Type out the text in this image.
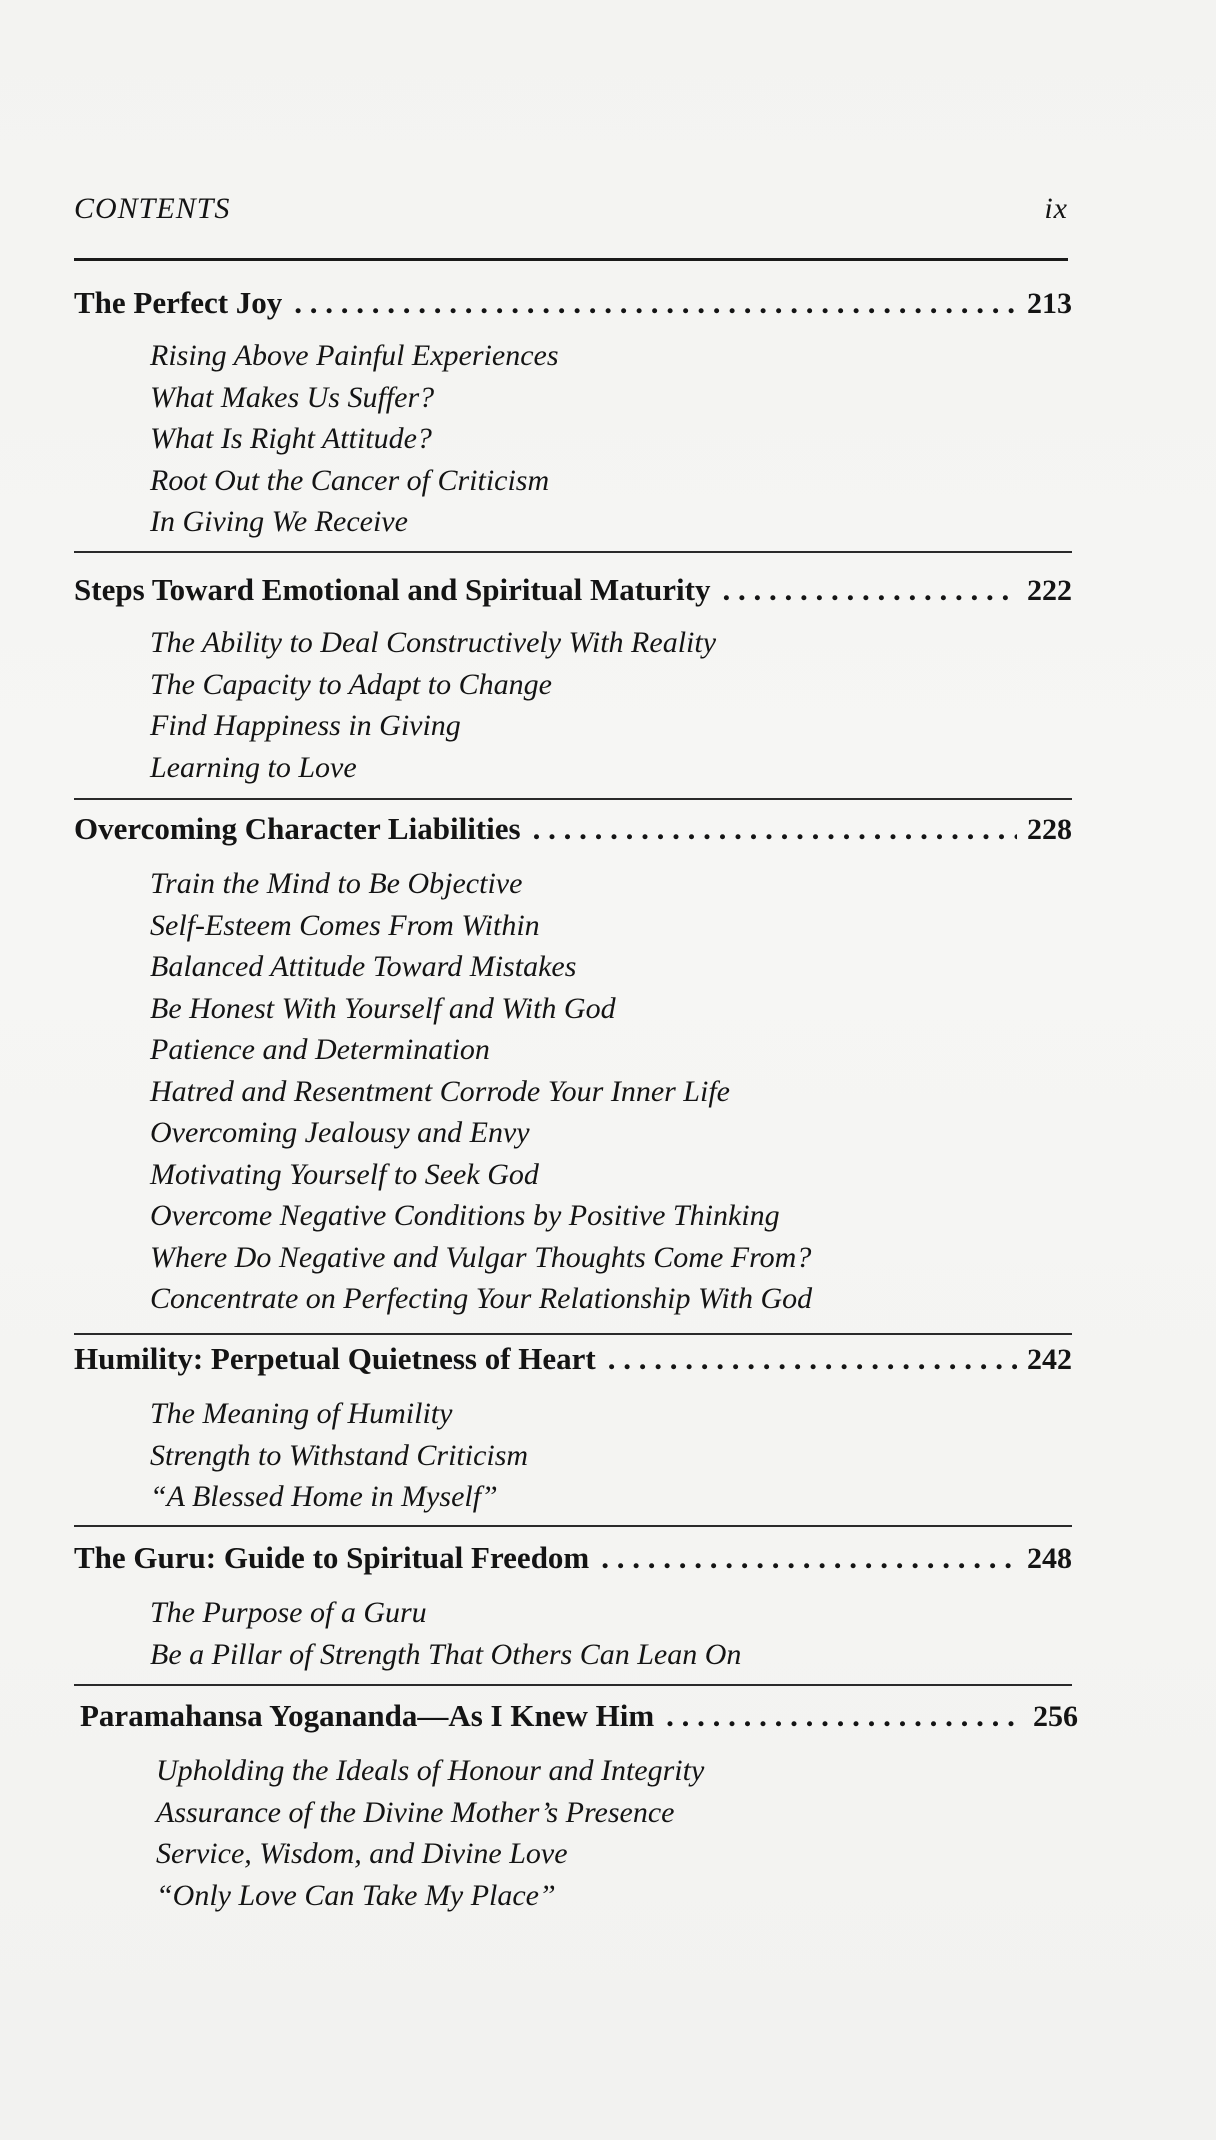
CONTENTS	ix
The Perfect Joy . . .	213
Rising Above Painful Experiences
What Makes Us Suffer?
What Is Right Attitude?
Root Out the Cancer of Criticism
In Giving We Receive
Steps Toward Emotional and Spiritual Maturity . . .	222
The Ability to Deal Constructively With Reality
The Capacity to Adapt to Change
Find Happiness in Giving
Learning to Love
Overcoming Character Liabilities . . .	228
Train the Mind to Be Objective
Self-Esteem Comes From Within
Balanced Attitude Toward Mistakes
Be Honest With Yourself and With God
Patience and Determination
Hatred and Resentment Corrode Your Inner Life
Overcoming Jealousy and Envy
Motivating Yourself to Seek God
Overcome Negative Conditions by Positive Thinking
Where Do Negative and Vulgar Thoughts Come From?
Concentrate on Perfecting Your Relationship With God
Humility: Perpetual Quietness of Heart . . .	242
The Meaning of Humility
Strength to Withstand Criticism
“A Blessed Home in Myself”
The Guru: Guide to Spiritual Freedom . . .	248
The Purpose of a Guru
Be a Pillar of Strength That Others Can Lean On
Paramahansa Yogananda—As I Knew Him . . .	256
Upholding the Ideals of Honour and Integrity
Assurance of the Divine Mother’s Presence
Service, Wisdom, and Divine Love
“Only Love Can Take My Place”
